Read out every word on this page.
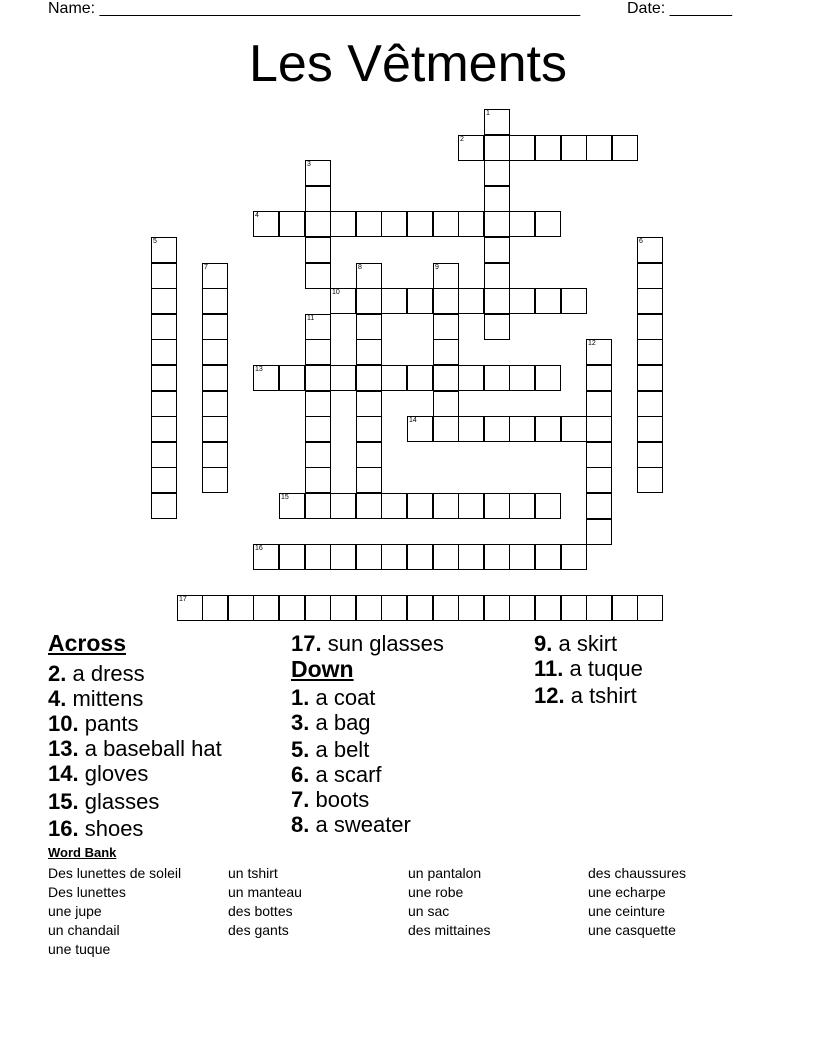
Name: ______________________________________________________	Date: _______
Les Vêtments
1
2
3
4
5	6
7	8	9
10
11
12
13
14
15
16
17
Across
2. a dress
4. mittens
10. pants
13. a baseball hat
14. gloves
15. glasses
16. shoes
17. sun glasses
Down
1. a coat
3. a bag
5. a belt
6. a scarf
7. boots
8. a sweater
9. a skirt
11. a tuque
12. a tshirt
Word Bank
Des lunettes de soleil
Des lunettes
une jupe
un chandail
une tuque
un tshirt
un manteau
des bottes
des gants
un pantalon
une robe
un sac
des mittaines
des chaussures
une echarpe
une ceinture
une casquette
